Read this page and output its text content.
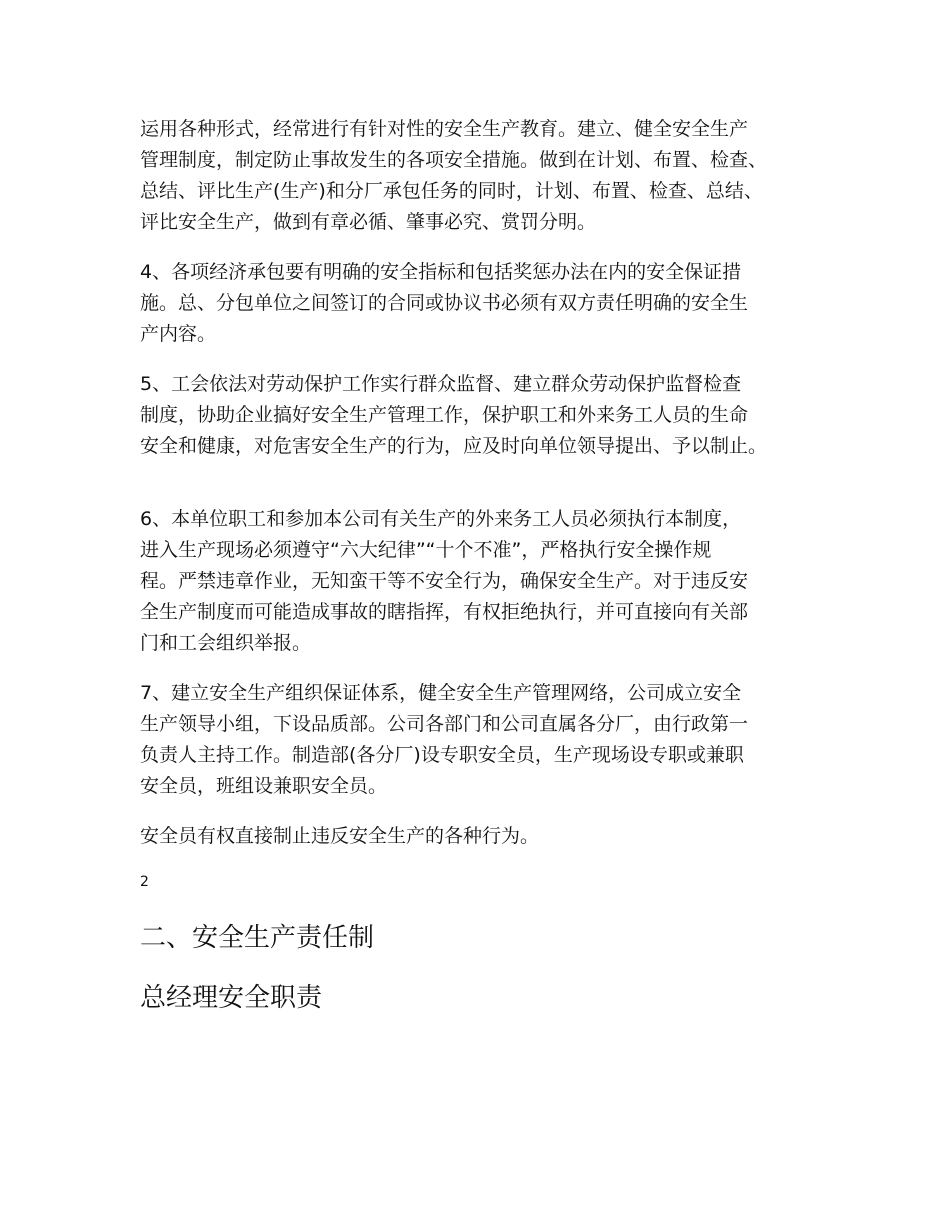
运用各种形式，经常进行有针对性的安全生产教育。建立、健全安全生产
管理制度，制定防止事故发生的各项安全措施。做到在计划、布置、检查、
总结、评比生产(生产)和分厂承包任务的同时，计划、布置、检查、总结、
评比安全生产，做到有章必循、肇事必究、赏罚分明。

4、各项经济承包要有明确的安全指标和包括奖惩办法在内的安全保证措
施。总、分包单位之间签订的合同或协议书必须有双方责任明确的安全生
产内容。

5、工会依法对劳动保护工作实行群众监督、建立群众劳动保护监督检查
制度，协助企业搞好安全生产管理工作，保护职工和外来务工人员的生命
安全和健康，对危害安全生产的行为，应及时向单位领导提出、予以制止。

6、本单位职工和参加本公司有关生产的外来务工人员必须执行本制度，
进入生产现场必须遵守“六大纪律”“十个不准”，严格执行安全操作规
程。严禁违章作业，无知蛮干等不安全行为，确保安全生产。对于违反安
全生产制度而可能造成事故的瞎指挥，有权拒绝执行，并可直接向有关部
门和工会组织举报。

7、建立安全生产组织保证体系，健全安全生产管理网络，公司成立安全
生产领导小组，下设品质部。公司各部门和公司直属各分厂，由行政第一
负责人主持工作。制造部(各分厂)设专职安全员，生产现场设专职或兼职
安全员，班组设兼职安全员。

安全员有权直接制止违反安全生产的各种行为。

2
二、安全生产责任制
总经理安全职责
